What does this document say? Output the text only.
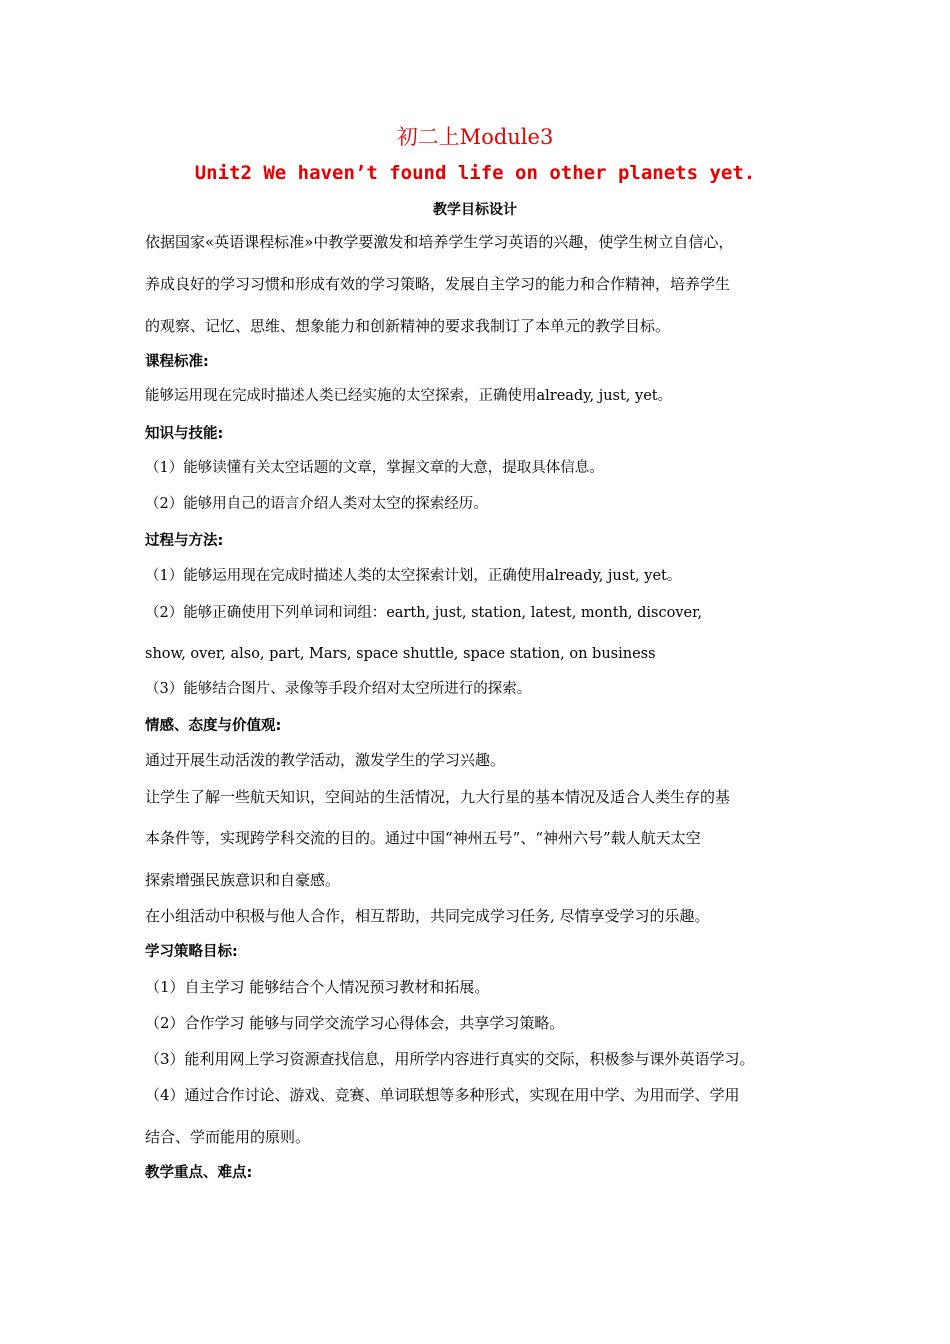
初二上Module3
Unit2 We haven’t found life on other planets yet.
教学目标设计
依据国家«英语课程标准»中教学要激发和培养学生学习英语的兴趣，使学生树立自信心，
养成良好的学习习惯和形成有效的学习策略，发展自主学习的能力和合作精神，培养学生
的观察、记忆、思维、想象能力和创新精神的要求我制订了本单元的教学目标。
课程标准:
能够运用现在完成时描述人类已经实施的太空探索，正确使用already, just, yet。
知识与技能:
（1）能够读懂有关太空话题的文章，掌握文章的大意，提取具体信息。
（2）能够用自己的语言介绍人类对太空的探索经历。
过程与方法:
（1）能够运用现在完成时描述人类的太空探索计划，正确使用already, just, yet。
（2）能够正确使用下列单词和词组：earth, just, station, latest, month, discover,
show, over, also, part, Mars, space shuttle, space station, on business
（3）能够结合图片、录像等手段介绍对太空所进行的探索。
情感、态度与价值观:
通过开展生动活泼的教学活动，激发学生的学习兴趣。
让学生了解一些航天知识，空间站的生活情况，九大行星的基本情况及适合人类生存的基
本条件等，实现跨学科交流的目的。通过中国“神州五号”、“神州六号”载人航天太空
探索增强民族意识和自豪感。
在小组活动中积极与他人合作，相互帮助，共同完成学习任务, 尽情享受学习的乐趣。
学习策略目标:
（1）自主学习 能够结合个人情况预习教材和拓展。
（2）合作学习 能够与同学交流学习心得体会，共享学习策略。
（3）能利用网上学习资源查找信息，用所学内容进行真实的交际，积极参与课外英语学习。
（4）通过合作讨论、游戏、竞赛、单词联想等多种形式，实现在用中学、为用而学、学用
结合、学而能用的原则。
教学重点、难点:
